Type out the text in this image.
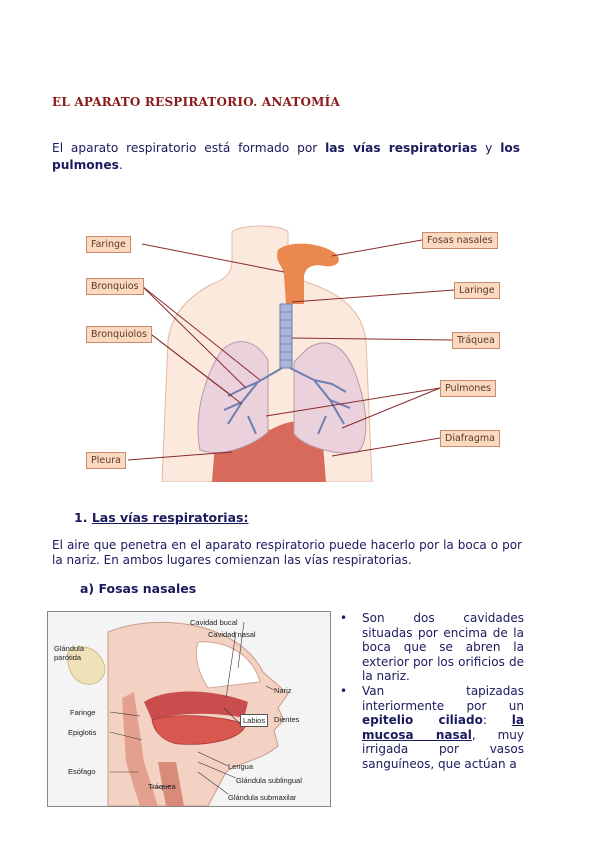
EL APARATO RESPIRATORIO. ANATOMÍA
El aparato respiratorio está formado por las vías respiratorias y los pulmones.
Faringe
Bronquios
Bronquiolos
Pleura
Fosas nasales
Laringe
Tráquea
Pulmones
Diafragma
1. Las vías respiratorias:
El aire que penetra en el aparato respiratorio puede hacerlo por la boca o por la nariz. En ambos lugares comienzan las vías respiratorias.
a) Fosas nasales
Cavidad bucal
Cavidad nasal
Glándula
parótida
Nariz
Faringe
Labios	Dientes
Epiglotis
Lengua
Esófago
Glándula sublingual
Tráquea
Glándula submaxilar
•	Son dos cavidades situadas por encima de la boca que se abren la exterior por los orificios de la nariz.
•	Van tapizadas interiormente por un epitelio ciliado: la mucosa nasal, muy irrigada por vasos sanguíneos, que actúan a
